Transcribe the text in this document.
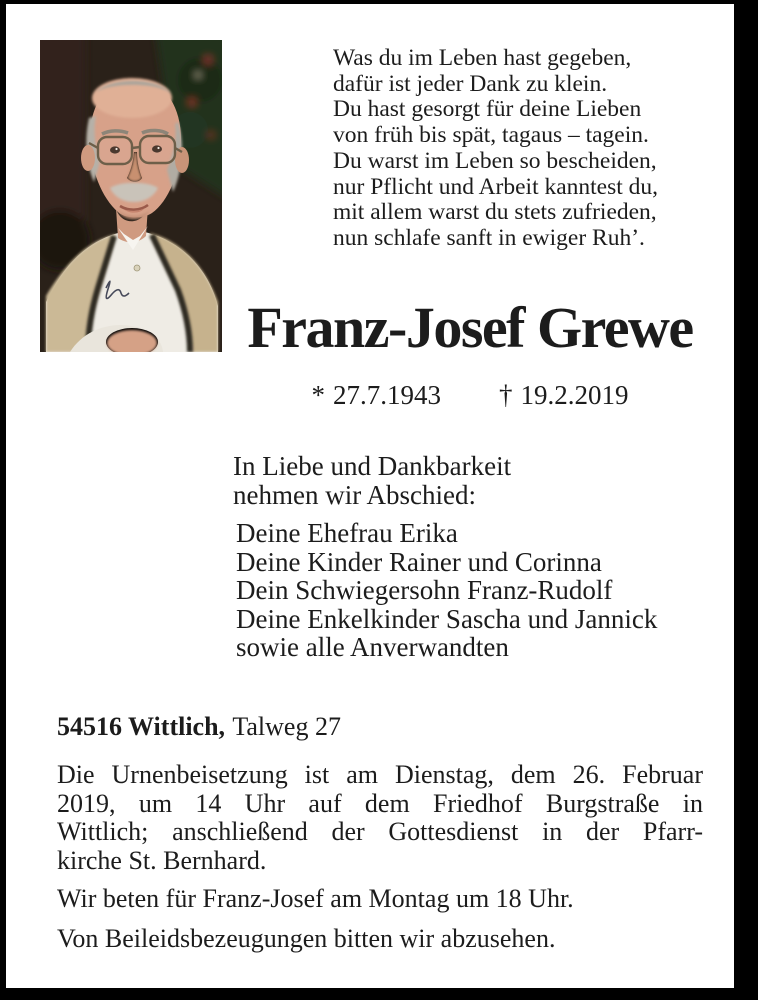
Was du im Leben hast gegeben,
dafür ist jeder Dank zu klein.
Du hast gesorgt für deine Lieben
von früh bis spät, tagaus – tagein.
Du warst im Leben so bescheiden,
nur Pflicht und Arbeit kanntest du,
mit allem warst du stets zufrieden,
nun schlafe sanft in ewiger Ruh’.
Franz-Josef Grewe
* 27.7.1943 † 19.2.2019
In Liebe und Dankbarkeit
nehmen wir Abschied:
Deine Ehefrau Erika
Deine Kinder Rainer und Corinna
Dein Schwiegersohn Franz-Rudolf
Deine Enkelkinder Sascha und Jannick
sowie alle Anverwandten
54516 Wittlich, Talweg 27
Die Urnenbeisetzung ist am Dienstag, dem 26. Februar
2019, um 14 Uhr auf dem Friedhof Burgstraße in
Wittlich; anschließend der Gottesdienst in der Pfarr-
kirche St. Bernhard.
Wir beten für Franz-Josef am Montag um 18 Uhr.
Von Beileidsbezeugungen bitten wir abzusehen.
